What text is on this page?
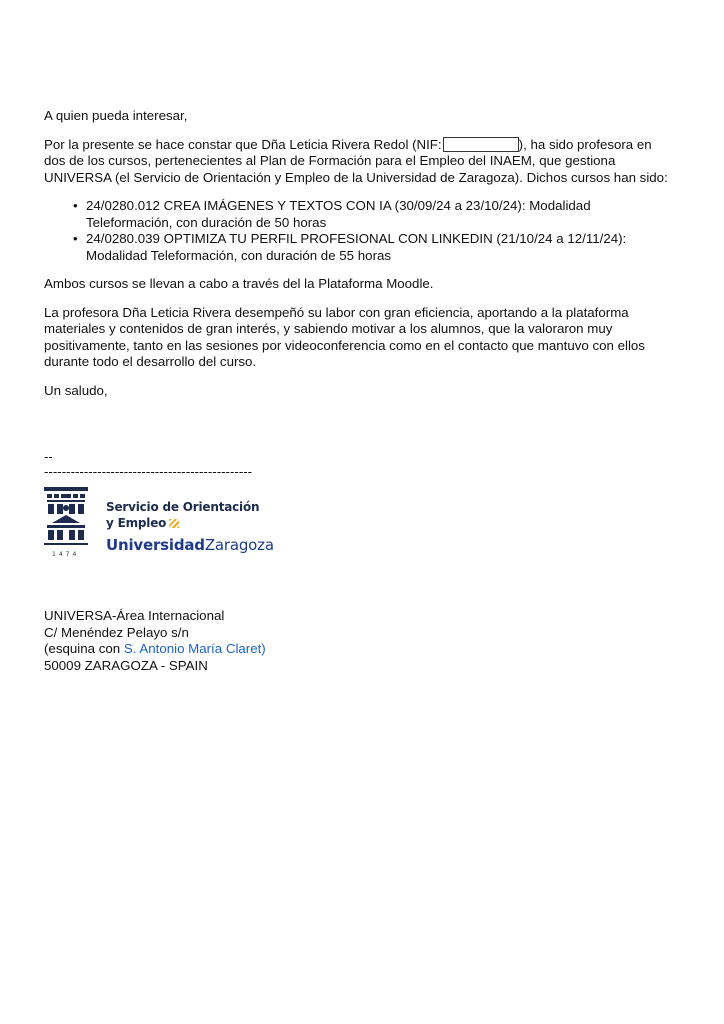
A quien pueda interesar,

Por la presente se hace constar que Dña Leticia Rivera Redol (NIF:	), ha sido profesora en dos de los cursos, pertenecientes al Plan de Formación para el Empleo del INAEM, que gestiona UNIVERSA (el Servicio de Orientación y Empleo de la Universidad de Zaragoza). Dichos cursos han sido:

• 24/0280.012 CREA IMÁGENES Y TEXTOS CON IA (30/09/24 a 23/10/24): Modalidad Teleformación, con duración de 50 horas
• 24/0280.039 OPTIMIZA TU PERFIL PROFESIONAL CON LINKEDIN (21/10/24 a 12/11/24): Modalidad Teleformación, con duración de 55 horas

Ambos cursos se llevan a cabo a través del la Plataforma Moodle.

La profesora Dña Leticia Rivera desempeñó su labor con gran eficiencia, aportando a la plataforma materiales y contenidos de gran interés, y sabiendo motivar a los alumnos, que la valoraron muy positivamente, tanto en las sesiones por videoconferencia como en el contacto que mantuvo con ellos durante todo el desarrollo del curso.

Un saludo,

--
-----------------------------------------------
1474
Servicio de Orientación
y Empleo
UniversidadZaragoza
UNIVERSA-Área Internacional
C/ Menéndez Pelayo s/n
(esquina con S. Antonio María Claret)
50009 ZARAGOZA - SPAIN
